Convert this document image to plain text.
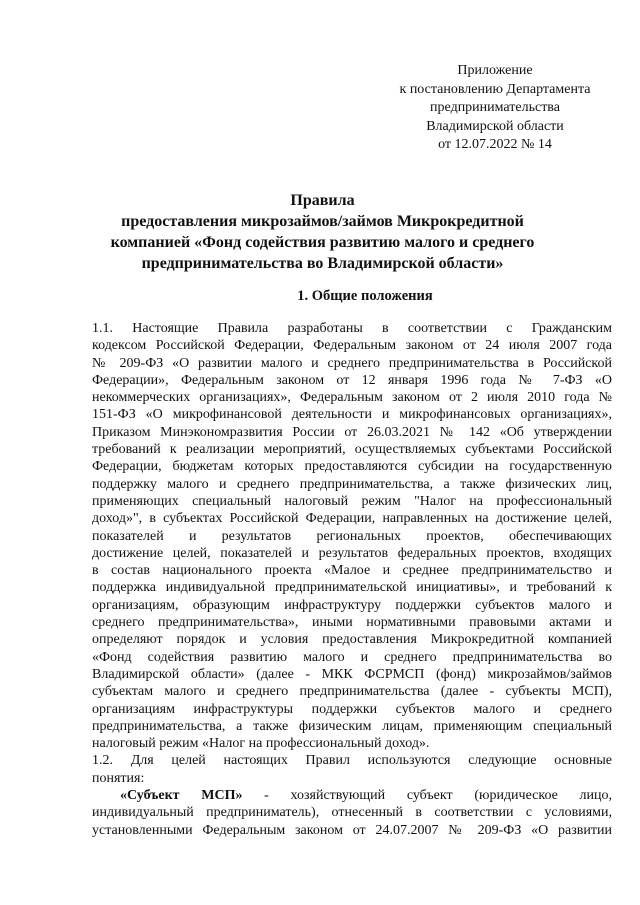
Приложение
к постановлению Департамента
предпринимательства
Владимирской области
от 12.07.2022 № 14
Правила
предоставления микрозаймов/займов Микрокредитной
компанией «Фонд содействия развитию малого и среднего
предпринимательства во Владимирской области»
1. Общие положения
1.1. Настоящие Правила разработаны в соответствии с Гражданским
кодексом Российской Федерации, Федеральным законом от 24 июля 2007 года
№ 209-ФЗ «О развитии малого и среднего предпринимательства в Российской
Федерации», Федеральным законом от 12 января 1996 года № 7-ФЗ «О
некоммерческих организациях», Федеральным законом от 2 июля 2010 года №
151-ФЗ «О микрофинансовой деятельности и микрофинансовых организациях»,
Приказом Минэкономразвития России от 26.03.2021 № 142 «Об утверждении
требований к реализации мероприятий, осуществляемых субъектами Российской
Федерации, бюджетам которых предоставляются субсидии на государственную
поддержку малого и среднего предпринимательства, а также физических лиц,
применяющих специальный налоговый режим "Налог на профессиональный
доход»", в субъектах Российской Федерации, направленных на достижение целей,
показателей и результатов региональных проектов, обеспечивающих
достижение целей, показателей и результатов федеральных проектов, входящих
в состав национального проекта «Малое и среднее предпринимательство и
поддержка индивидуальной предпринимательской инициативы», и требований к
организациям, образующим инфраструктуру поддержки субъектов малого и
среднего предпринимательства», иными нормативными правовыми актами и
определяют порядок и условия предоставления Микрокредитной компанией
«Фонд содействия развитию малого и среднего предпринимательства во
Владимирской области» (далее - МКК ФСРМСП (фонд) микрозаймов/займов
субъектам малого и среднего предпринимательства (далее - субъекты МСП),
организациям инфраструктуры поддержки субъектов малого и среднего
предпринимательства, а также физическим лицам, применяющим специальный
налоговый режим «Налог на профессиональный доход».
1.2. Для целей настоящих Правил используются следующие основные
понятия:
  «Субъект МСП» - хозяйствующий субъект (юридическое лицо,
индивидуальный предприниматель), отнесенный в соответствии с условиями,
установленными Федеральным законом от 24.07.2007 № 209-ФЗ «О развитии
